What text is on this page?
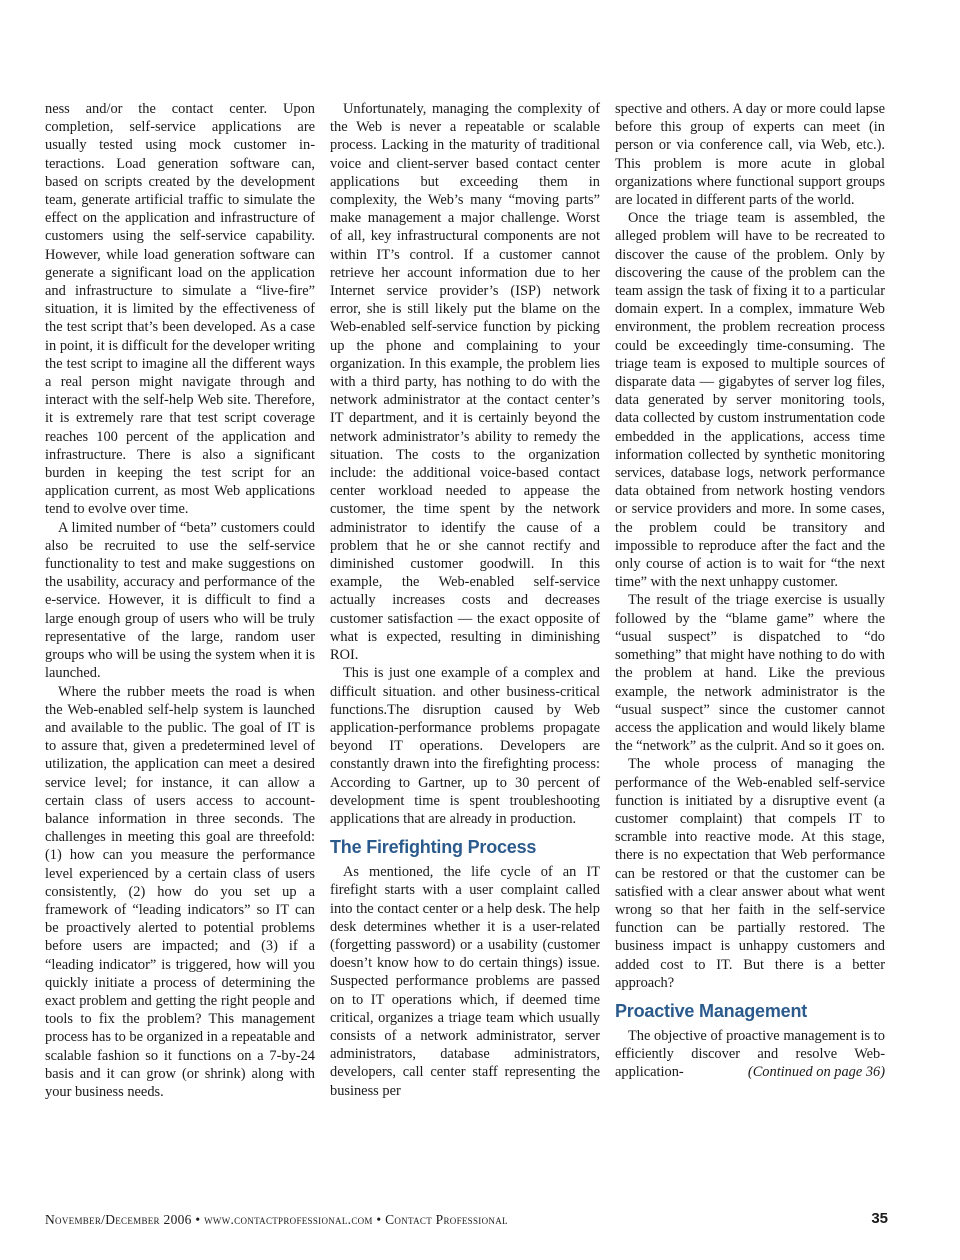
ness and/or the contact center. Upon completion, self-service applications are usually tested using mock customer interactions. Load generation software can, based on scripts created by the development team, generate artificial traffic to simulate the effect on the application and infrastructure of customers using the self-service capability. However, while load generation software can generate a significant load on the application and infrastructure to simulate a “live-fire” situation, it is limited by the effectiveness of the test script that’s been developed. As a case in point, it is difficult for the developer writing the test script to imagine all the different ways a real person might navigate through and interact with the self-help Web site. Therefore, it is extremely rare that test script coverage reaches 100 percent of the application and infrastructure. There is also a significant burden in keeping the test script for an application current, as most Web applications tend to evolve over time.

A limited number of “beta” customers could also be recruited to use the self-service functionality to test and make suggestions on the usability, accuracy and performance of the e-service. However, it is difficult to find a large enough group of users who will be truly representative of the large, random user groups who will be using the system when it is launched.

Where the rubber meets the road is when the Web-enabled self-help system is launched and available to the public. The goal of IT is to assure that, given a predetermined level of utilization, the application can meet a desired service level; for instance, it can allow a certain class of users access to account-balance information in three seconds. The challenges in meeting this goal are threefold: (1) how can you measure the performance level experienced by a certain class of users consistently, (2) how do you set up a framework of “leading indicators” so IT can be proactively alerted to potential problems before users are impacted; and (3) if a “leading indicator” is triggered, how will you quickly initiate a process of determining the exact problem and getting the right people and tools to fix the problem? This management process has to be organized in a repeatable and scalable fashion so it functions on a 7-by-24 basis and it can grow (or shrink) along with your business needs.

Unfortunately, managing the complexity of the Web is never a repeatable or scalable process. Lacking in the maturity of traditional voice and client-server based contact center applications but exceeding them in complexity, the Web’s many “moving parts” make management a major challenge. Worst of all, key infrastructural components are not within IT’s control. If a customer cannot retrieve her account information due to her Internet service provider’s (ISP) network error, she is still likely put the blame on the Web-enabled self-service function by picking up the phone and complaining to your organization. In this example, the problem lies with a third party, has nothing to do with the network administrator at the contact center’s IT department, and it is certainly beyond the network administrator’s ability to remedy the situation. The costs to the organization include: the additional voice-based contact center workload needed to appease the customer, the time spent by the network administrator to identify the cause of a problem that he or she cannot rectify and diminished customer goodwill. In this example, the Web-enabled self-service actually increases costs and decreases customer satisfaction — the exact opposite of what is expected, resulting in diminishing ROI.

This is just one example of a complex and difficult situation. and other business-critical functions.The disruption caused by Web application-performance problems propagate beyond IT operations. Developers are constantly drawn into the firefighting process: According to Gartner, up to 30 percent of development time is spent troubleshooting applications that are already in production.

The Firefighting Process

As mentioned, the life cycle of an IT firefight starts with a user complaint called into the contact center or a help desk. The help desk determines whether it is a user-related (forgetting password) or a usability (customer doesn’t know how to do certain things) issue. Suspected performance problems are passed on to IT operations which, if deemed time critical, organizes a triage team which usually consists of a network administrator, server administrators, database administrators, developers, call center staff representing the business per

spective and others. A day or more could lapse before this group of experts can meet (in person or via conference call, via Web, etc.). This problem is more acute in global organizations where functional support groups are located in different parts of the world.

Once the triage team is assembled, the alleged problem will have to be recreated to discover the cause of the problem. Only by discovering the cause of the problem can the team assign the task of fixing it to a particular domain expert. In a complex, immature Web environment, the problem recreation process could be exceedingly time-consuming. The triage team is exposed to multiple sources of disparate data — gigabytes of server log files, data generated by server monitoring tools, data collected by custom instrumentation code embedded in the applications, access time information collected by synthetic monitoring services, database logs, network performance data obtained from network hosting vendors or service providers and more. In some cases, the problem could be transitory and impossible to reproduce after the fact and the only course of action is to wait for “the next time” with the next unhappy customer.

The result of the triage exercise is usually followed by the “blame game” where the “usual suspect” is dispatched to “do something” that might have nothing to do with the problem at hand. Like the previous example, the network administrator is the “usual suspect” since the customer cannot access the application and would likely blame the “network” as the culprit. And so it goes on.

The whole process of managing the performance of the Web-enabled self-service function is initiated by a disruptive event (a customer complaint) that compels IT to scramble into reactive mode. At this stage, there is no expectation that Web performance can be restored or that the customer can be satisfied with a clear answer about what went wrong so that her faith in the self-service function can be partially restored. The business impact is unhappy customers and added cost to IT. But there is a better approach?

Proactive Management

The objective of proactive management is to efficiently discover and resolve Web-application-	(Continued on page 36)

November/December 2006 • www.contactprofessional.com • Contact Professional	35
